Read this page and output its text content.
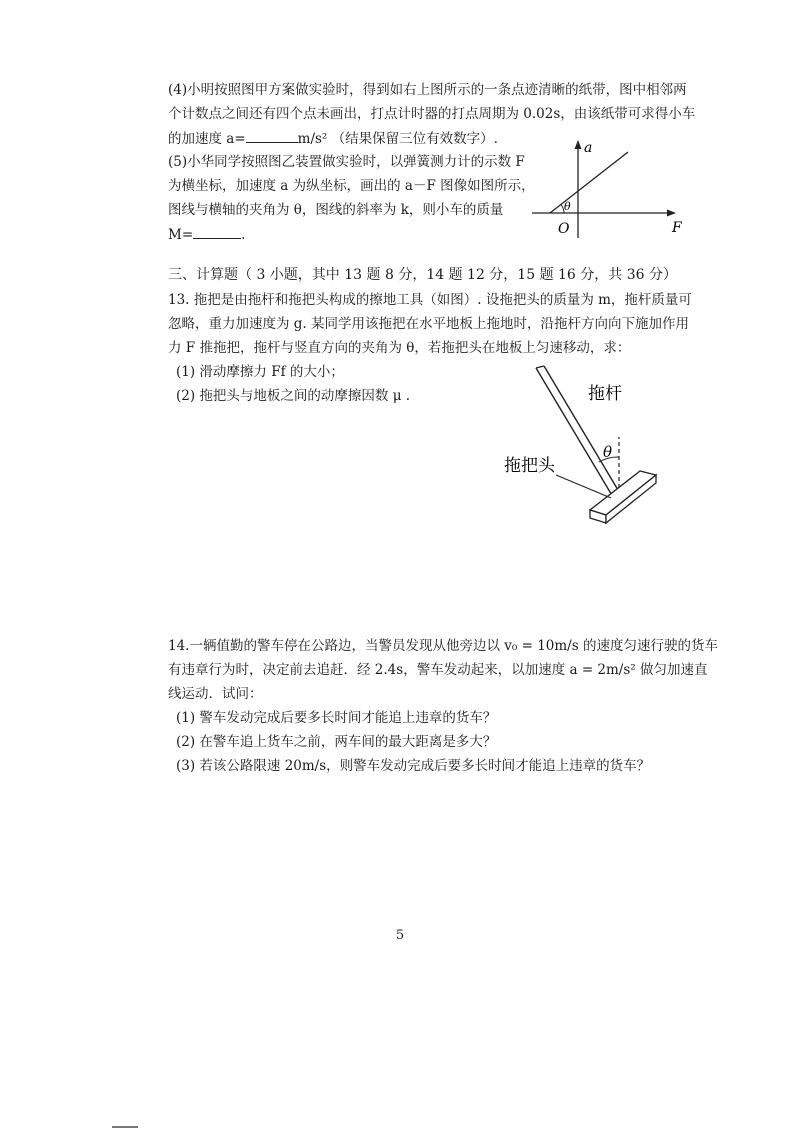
(4)小明按照图甲方案做实验时，得到如右上图所示的一条点迹清晰的纸带，图中相邻两
个计数点之间还有四个点未画出，打点计时器的打点周期为 0.02s，由该纸带可求得小车
的加速度 a=	m/s² （结果保留三位有效数字）.
(5)小华同学按照图乙装置做实验时，以弹簧测力计的示数 F
为横坐标，加速度 a 为纵坐标，画出的 a－F 图像如图所示，
图线与横轴的夹角为 θ，图线的斜率为 k，则小车的质量
M=	.
a
F
O
θ
三、计算题（ 3 小题，其中 13 题 8 分，14 题 12 分，15 题 16 分，共 36 分）
13. 拖把是由拖杆和拖把头构成的擦地工具（如图）. 设拖把头的质量为 m，拖杆质量可
忽略，重力加速度为 g. 某同学用该拖把在水平地板上拖地时，沿拖杆方向向下施加作用
力 F 推拖把，拖杆与竖直方向的夹角为 θ，若拖把头在地板上匀速移动，求：
(1) 滑动摩擦力 Ff 的大小；
(2) 拖把头与地板之间的动摩擦因数 μ .	拖杆
拖把头
θ
14.一辆值勤的警车停在公路边，当警员发现从他旁边以 v₀ = 10m/s 的速度匀速行驶的货车
有违章行为时，决定前去追赶．经 2.4s，警车发动起来，以加速度 a = 2m/s² 做匀加速直
线运动．试问：
(1) 警车发动完成后要多长时间才能追上违章的货车？
(2) 在警车追上货车之前，两车间的最大距离是多大？
(3) 若该公路限速 20m/s，则警车发动完成后要多长时间才能追上违章的货车？
5
